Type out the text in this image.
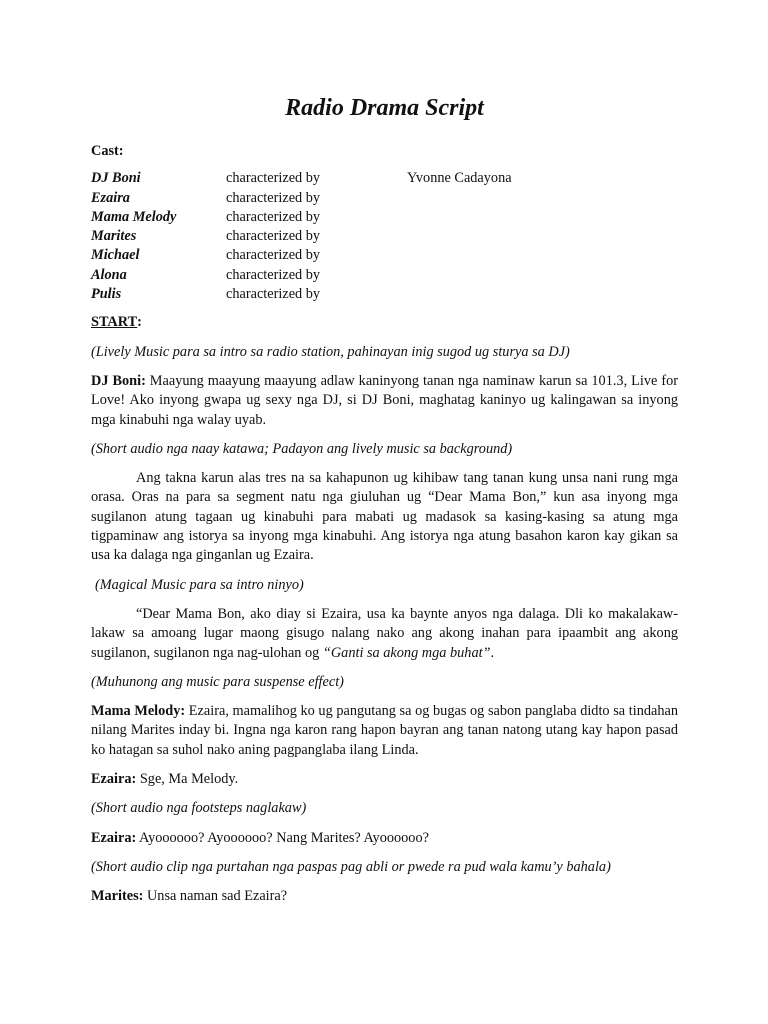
Radio Drama Script
Cast:
DJ Boni	characterized by	Yvonne Cadayona
Ezaira	characterized by	
Mama Melody	characterized by	
Marites	characterized by	
Michael	characterized by	
Alona	characterized by	
Pulis	characterized by	
START:

(Lively Music para sa intro sa radio station, pahinayan inig sugod ug sturya sa DJ)

DJ Boni: Maayung maayung maayung adlaw kaninyong tanan nga naminaw karun sa 101.3, Live for Love! Ako inyong gwapa ug sexy nga DJ, si DJ Boni, maghatag kaninyo ug kalingawan sa inyong mga kinabuhi nga walay uyab.

(Short audio nga naay katawa; Padayon ang lively music sa background)

Ang takna karun alas tres na sa kahapunon ug kihibaw tang tanan kung unsa nani rung mga orasa. Oras na para sa segment natu nga giuluhan ug “Dear Mama Bon,” kun asa inyong mga sugilanon atung tagaan ug kinabuhi para mabati ug madasok sa kasing-kasing sa atung mga tigpaminaw ang istorya sa inyong mga kinabuhi. Ang istorya nga atung basahon karon kay gikan sa usa ka dalaga nga ginganlan ug Ezaira.

(Magical Music para sa intro ninyo)

“Dear Mama Bon, ako diay si Ezaira, usa ka baynte anyos nga dalaga. Dli ko makalakaw-lakaw sa amoang lugar maong gisugo nalang nako ang akong inahan para ipaambit ang akong sugilanon, sugilanon nga nag-ulohan og “Ganti sa akong mga buhat”.

(Muhunong ang music para suspense effect)

Mama Melody: Ezaira, mamalihog ko ug pangutang sa og bugas og sabon panglaba didto sa tindahan nilang Marites inday bi. Ingna nga karon rang hapon bayran ang tanan natong utang kay hapon pasad ko hatagan sa suhol nako aning pagpanglaba ilang Linda.

Ezaira: Sge, Ma Melody.

(Short audio nga footsteps naglakaw)

Ezaira: Ayoooooo? Ayoooooo? Nang Marites? Ayoooooo?

(Short audio clip nga purtahan nga paspas pag abli or pwede ra pud wala kamu’y bahala)

Marites: Unsa naman sad Ezaira?
